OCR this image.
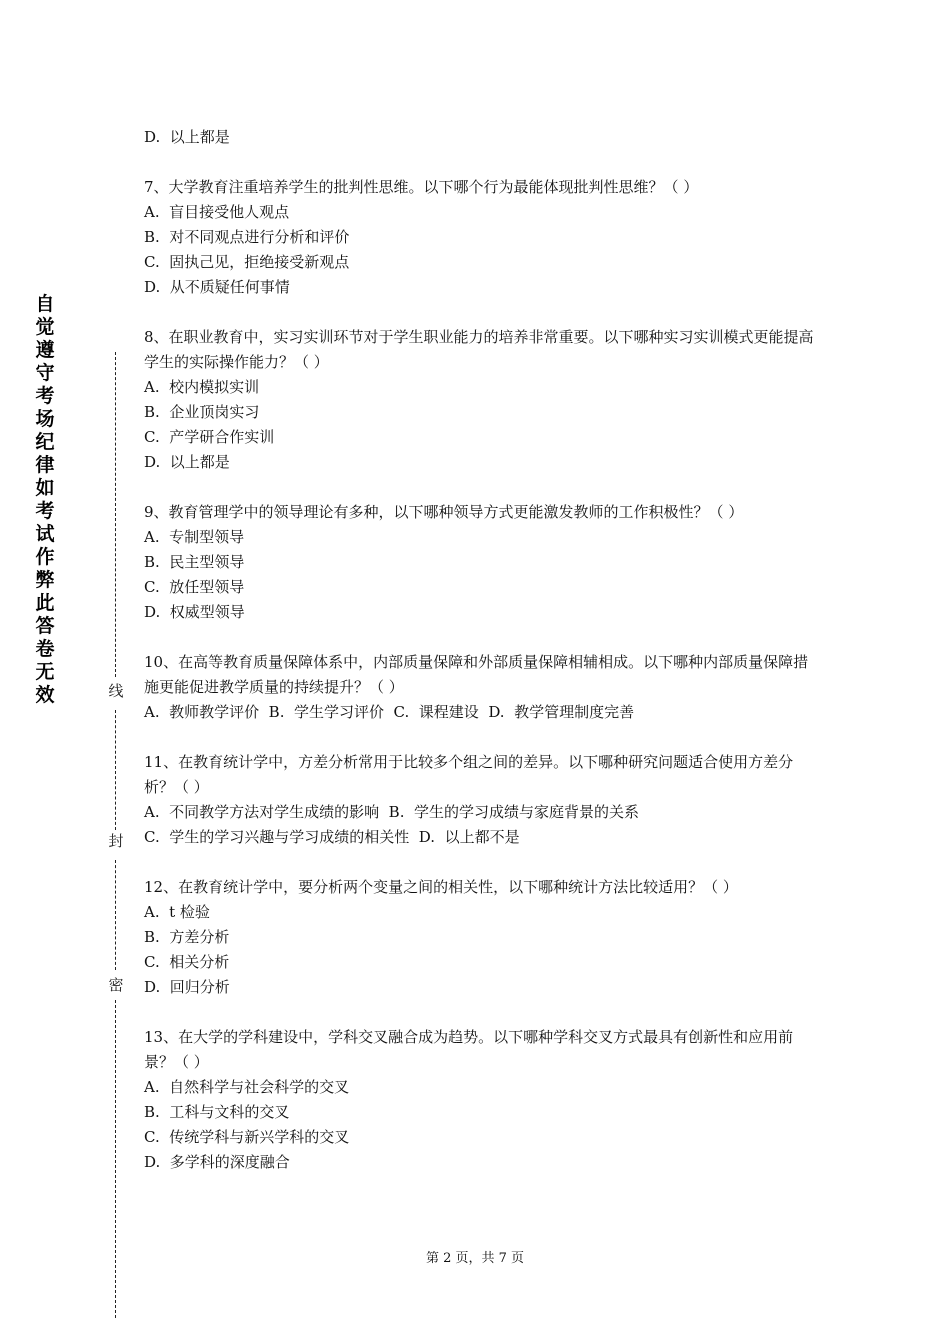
自觉遵守考场纪律如考试作弊此答卷无效	线
封
密
D.  以上都是
7、大学教育注重培养学生的批判性思维。以下哪个行为最能体现批判性思维？（ ）
A.  盲目接受他人观点
B.  对不同观点进行分析和评价
C.  固执己见，拒绝接受新观点
D.  从不质疑任何事情
8、在职业教育中，实习实训环节对于学生职业能力的培养非常重要。以下哪种实习实训模式更能提高学生的实际操作能力？（ ）
A.  校内模拟实训
B.  企业顶岗实习
C.  产学研合作实训
D.  以上都是
9、教育管理学中的领导理论有多种，以下哪种领导方式更能激发教师的工作积极性？（ ）
A.  专制型领导
B.  民主型领导
C.  放任型领导
D.  权威型领导
10、在高等教育质量保障体系中，内部质量保障和外部质量保障相辅相成。以下哪种内部质量保障措施更能促进教学质量的持续提升？（ ）
A.  教师教学评价  B.  学生学习评价  C.  课程建设  D.  教学管理制度完善
11、在教育统计学中，方差分析常用于比较多个组之间的差异。以下哪种研究问题适合使用方差分析？（ ）
A.  不同教学方法对学生成绩的影响  B.  学生的学习成绩与家庭背景的关系
C.  学生的学习兴趣与学习成绩的相关性  D.  以上都不是
12、在教育统计学中，要分析两个变量之间的相关性，以下哪种统计方法比较适用？（ ）
A.  t 检验
B.  方差分析
C.  相关分析
D.  回归分析
13、在大学的学科建设中，学科交叉融合成为趋势。以下哪种学科交叉方式最具有创新性和应用前景？（ ）
A.  自然科学与社会科学的交叉
B.  工科与文科的交叉
C.  传统学科与新兴学科的交叉
D.  多学科的深度融合
第 2 页，共 7 页
